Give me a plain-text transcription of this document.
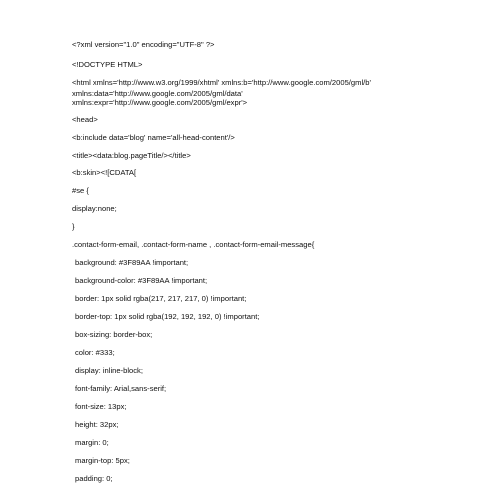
<?xml version="1.0" encoding="UTF-8" ?>
<!DOCTYPE HTML>
<html xmlns='http://www.w3.org/1999/xhtml' xmlns:b='http://www.google.com/2005/gml/b'
xmlns:data='http://www.google.com/2005/gml/data'
xmlns:expr='http://www.google.com/2005/gml/expr'>
<head>
<b:include data='blog' name='all-head-content'/>
<title><data:blog.pageTitle/></title>
<b:skin><![CDATA[
#se {
display:none;
}
.contact-form-email, .contact-form-name , .contact-form-email-message{
background: #3F89AA !important;
background-color: #3F89AA !important;
border: 1px solid rgba(217, 217, 217, 0) !important;
border-top: 1px solid rgba(192, 192, 192, 0) !important;
box-sizing: border-box;
color: #333;
display: inline-block;
font-family: Arial,sans-serif;
font-size: 13px;
height: 32px;
margin: 0;
margin-top: 5px;
padding: 0;
